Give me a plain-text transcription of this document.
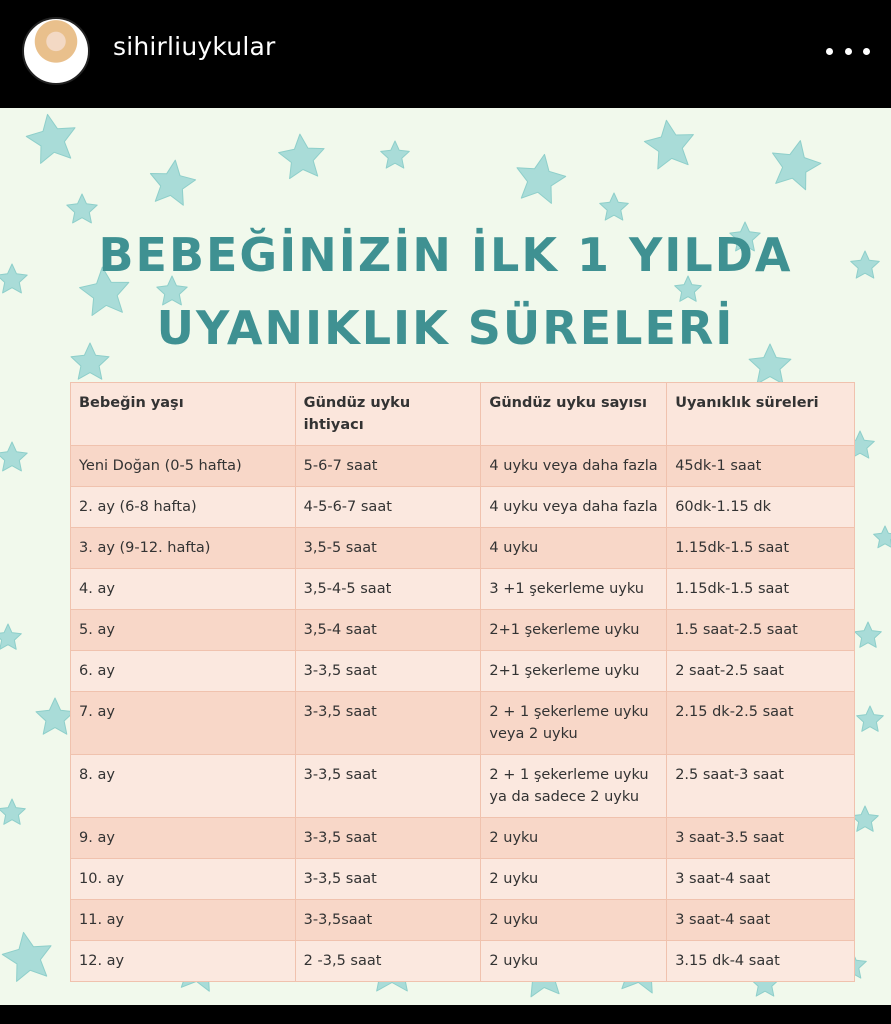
sihirliuykular
BEBEĞİNİZİN İLK 1 YILDA
UYANIKLIK SÜRELERİ
Bebeğin yaşı	Gündüz uyku ihtiyacı	Gündüz uyku sayısı	Uyanıklık süreleri
Yeni Doğan (0-5 hafta)	5-6-7 saat	4 uyku veya daha fazla	45dk-1 saat
2. ay (6-8 hafta)	4-5-6-7 saat	4 uyku veya daha fazla	60dk-1.15 dk
3. ay (9-12. hafta)	3,5-5 saat	4 uyku	1.15dk-1.5 saat
4. ay	3,5-4-5 saat	3 +1 şekerleme uyku	1.15dk-1.5 saat
5. ay	3,5-4 saat	2+1 şekerleme uyku	1.5 saat-2.5 saat
6. ay	3-3,5 saat	2+1 şekerleme uyku	2 saat-2.5 saat
7. ay	3-3,5 saat	2 + 1 şekerleme uyku veya 2 uyku	2.15 dk-2.5 saat
8. ay	3-3,5 saat	2 + 1 şekerleme uyku ya da sadece 2 uyku	2.5 saat-3 saat
9. ay	3-3,5 saat	2 uyku	3 saat-3.5 saat
10. ay	3-3,5 saat	2 uyku	3 saat-4 saat
11. ay	3-3,5saat	2 uyku	3 saat-4 saat
12. ay	2 -3,5 saat	2 uyku	3.15 dk-4 saat
